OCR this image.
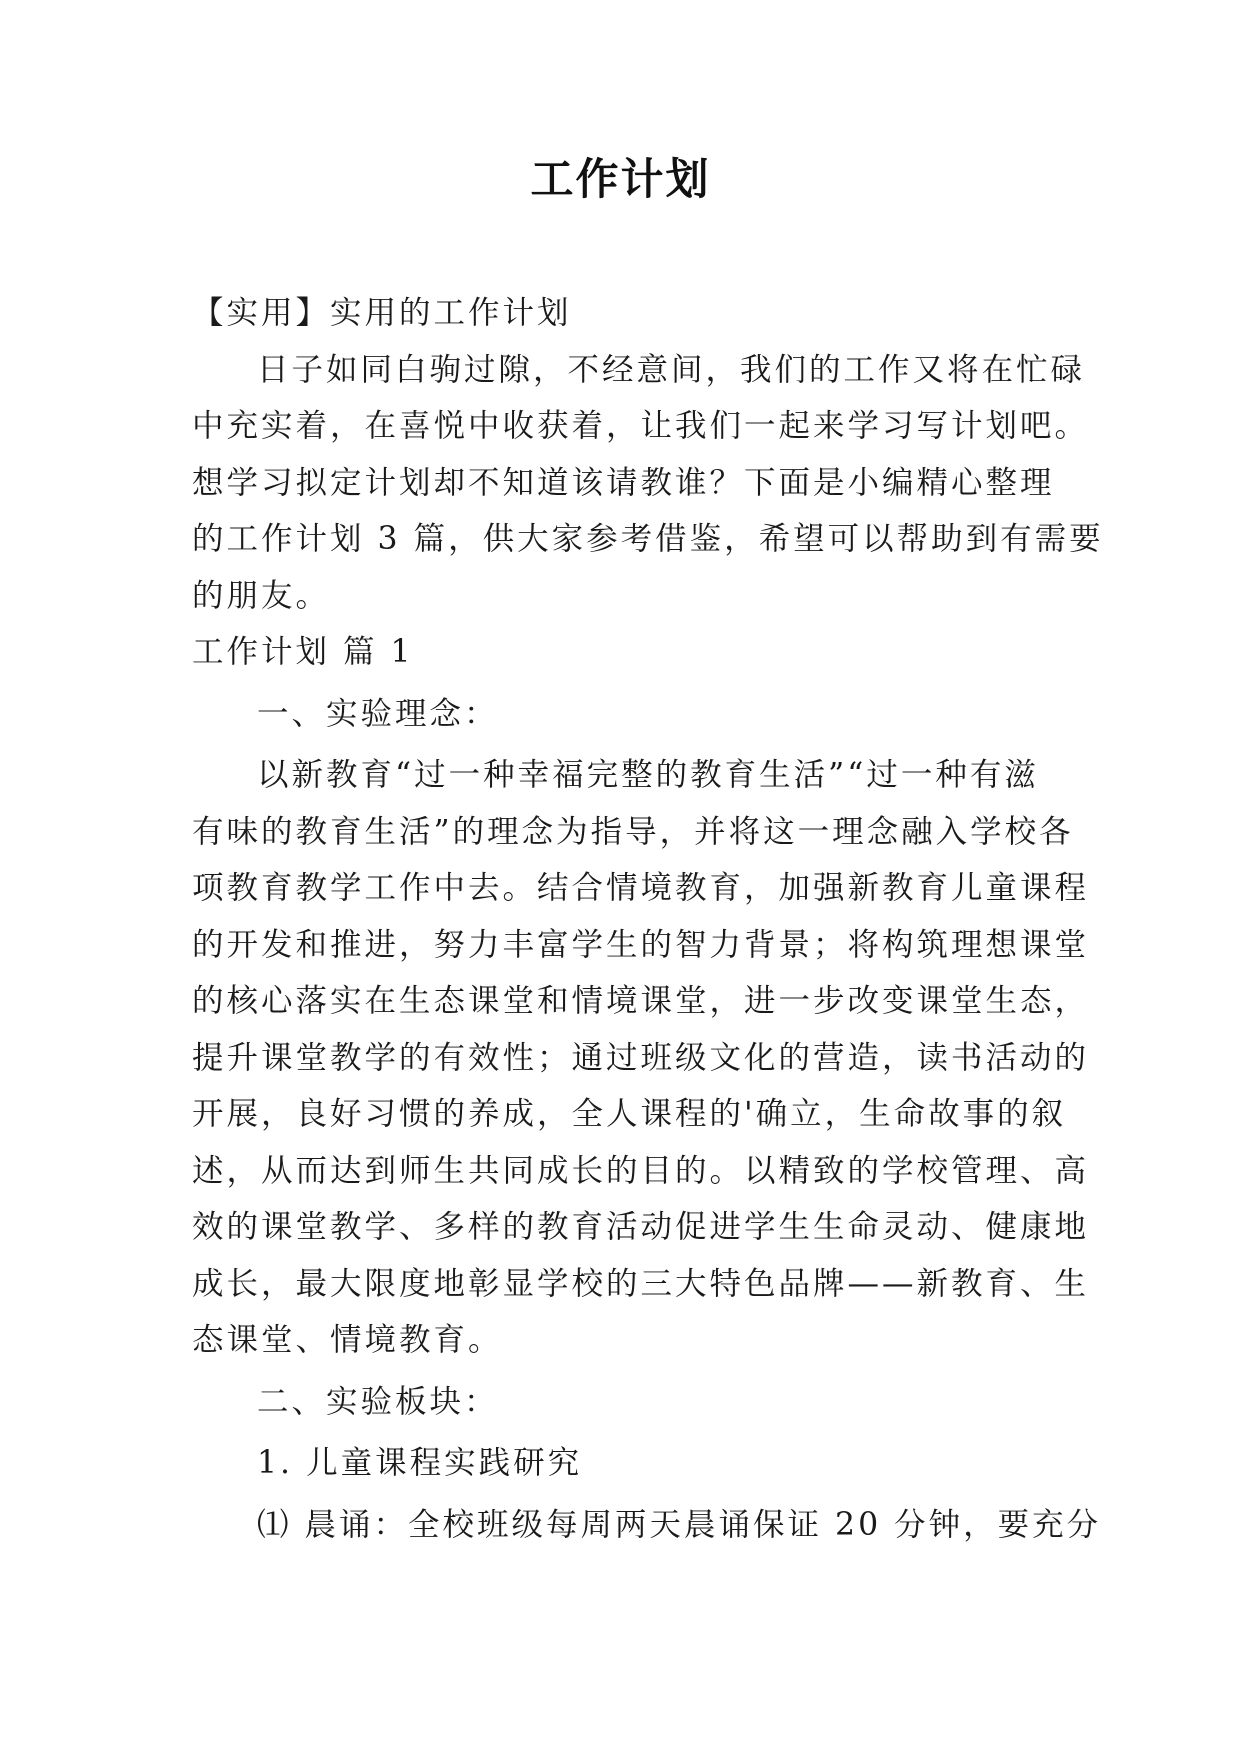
工作计划

【实用】实用的工作计划

日子如同白驹过隙，不经意间，我们的工作又将在忙碌

中充实着，在喜悦中收获着，让我们一起来学习写计划吧。

想学习拟定计划却不知道该请教谁？下面是小编精心整理

的工作计划 3 篇，供大家参考借鉴，希望可以帮助到有需要

的朋友。

工作计划 篇 1

一、实验理念：

以新教育“过一种幸福完整的教育生活”“过一种有滋

有味的教育生活”的理念为指导，并将这一理念融入学校各

项教育教学工作中去。结合情境教育，加强新教育儿童课程

的开发和推进，努力丰富学生的智力背景；将构筑理想课堂

的核心落实在生态课堂和情境课堂，进一步改变课堂生态，

提升课堂教学的有效性；通过班级文化的营造，读书活动的

开展，良好习惯的养成，全人课程的'确立，生命故事的叙

述，从而达到师生共同成长的目的。以精致的学校管理、高

效的课堂教学、多样的教育活动促进学生生命灵动、健康地

成长，最大限度地彰显学校的三大特色品牌——新教育、生

态课堂、情境教育。

二、实验板块：

1. 儿童课程实践研究

⑴ 晨诵：全校班级每周两天晨诵保证 20 分钟，要充分
